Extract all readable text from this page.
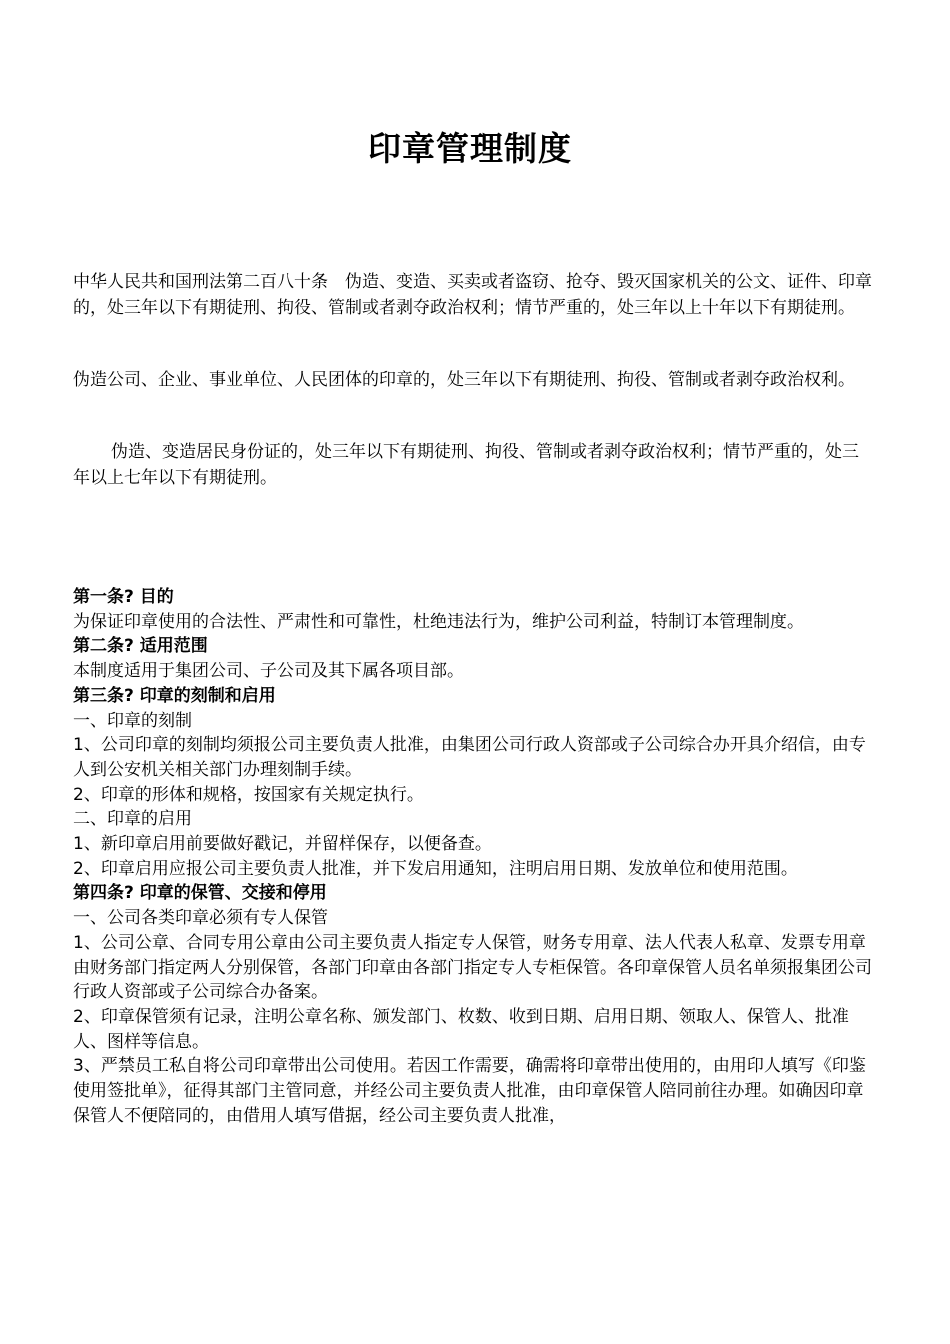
印章管理制度

中华人民共和国刑法第二百八十条　伪造、变造、买卖或者盗窃、抢夺、毁灭国家机关的公文、证件、印章的，处三年以下有期徒刑、拘役、管制或者剥夺政治权利；情节严重的，处三年以上十年以下有期徒刑。

伪造公司、企业、事业单位、人民团体的印章的，处三年以下有期徒刑、拘役、管制或者剥夺政治权利。

伪造、变造居民身份证的，处三年以下有期徒刑、拘役、管制或者剥夺政治权利；情节严重的，处三年以上七年以下有期徒刑。

第一条? 目的

为保证印章使用的合法性、严肃性和可靠性，杜绝违法行为，维护公司利益，特制订本管理制度。

第二条? 适用范围

本制度适用于集团公司、子公司及其下属各项目部。

第三条? 印章的刻制和启用

一、印章的刻制

1、公司印章的刻制均须报公司主要负责人批准，由集团公司行政人资部或子公司综合办开具介绍信，由专人到公安机关相关部门办理刻制手续。

2、印章的形体和规格，按国家有关规定执行。

二、印章的启用

1、新印章启用前要做好戳记，并留样保存，以便备查。

2、印章启用应报公司主要负责人批准，并下发启用通知，注明启用日期、发放单位和使用范围。

第四条? 印章的保管、交接和停用

一、公司各类印章必须有专人保管

1、公司公章、合同专用公章由公司主要负责人指定专人保管，财务专用章、法人代表人私章、发票专用章由财务部门指定两人分别保管，各部门印章由各部门指定专人专柜保管。各印章保管人员名单须报集团公司行政人资部或子公司综合办备案。

2、印章保管须有记录，注明公章名称、颁发部门、枚数、收到日期、启用日期、领取人、保管人、批准人、图样等信息。

3、严禁员工私自将公司印章带出公司使用。若因工作需要，确需将印章带出使用的，由用印人填写《印鉴使用签批单》，征得其部门主管同意，并经公司主要负责人批准，由印章保管人陪同前往办理。如确因印章保管人不便陪同的，由借用人填写借据，经公司主要负责人批准，
